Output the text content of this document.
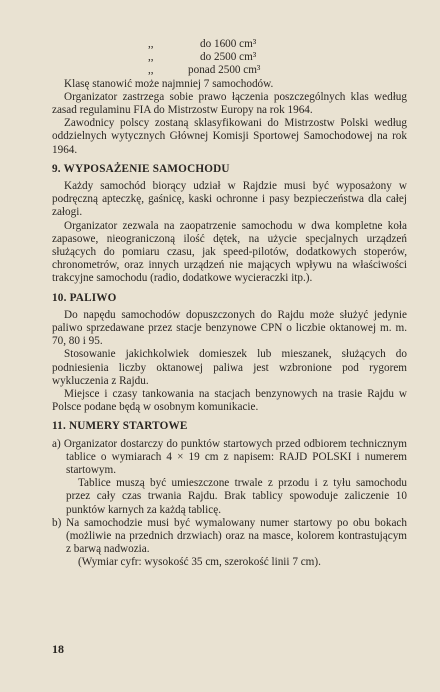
,,	do 1600 cm³
,,	do 2500 cm³
,,	ponad 2500 cm³

Klasę stanowić może najmniej 7 samochodów.

Organizator zastrzega sobie prawo łączenia poszczególnych klas według zasad regulaminu FIA do Mistrzostw Europy na rok 1964.

Zawodnicy polscy zostaną sklasyfikowani do Mistrzostw Polski według oddzielnych wytycznych Głównej Komisji Sportowej Samochodowej na rok 1964.

9. WYPOSAŻENIE SAMOCHODU

Każdy samochód biorący udział w Rajdzie musi być wyposażony w podręczną apteczkę, gaśnicę, kaski ochronne i pasy bezpieczeństwa dla całej załogi.

Organizator zezwala na zaopatrzenie samochodu w dwa kompletne koła zapasowe, nieograniczoną ilość dętek, na użycie specjalnych urządzeń służących do pomiaru czasu, jak speed-pilotów, dodatkowych stoperów, chronometrów, oraz innych urządzeń nie mających wpływu na właściwości trakcyjne samochodu (radio, dodatkowe wycieraczki itp.).

10. PALIWO

Do napędu samochodów dopuszczonych do Rajdu może służyć jedynie paliwo sprzedawane przez stacje benzynowe CPN o liczbie oktanowej m. m. 70, 80 i 95.

Stosowanie jakichkolwiek domieszek lub mieszanek, służących do podniesienia liczby oktanowej paliwa jest wzbronione pod rygorem wykluczenia z Rajdu.

Miejsce i czasy tankowania na stacjach benzynowych na trasie Rajdu w Polsce podane będą w osobnym komunikacie.

11. NUMERY STARTOWE

a) Organizator dostarczy do punktów startowych przed odbiorem technicznym tablice o wymiarach 4 × 19 cm z napisem: RAJD POLSKI i numerem startowym.

Tablice muszą być umieszczone trwale z przodu i z tyłu samochodu przez cały czas trwania Rajdu. Brak tablicy spowoduje zaliczenie 10 punktów karnych za każdą tablicę.

b) Na samochodzie musi być wymalowany numer startowy po obu bokach (możliwie na przednich drzwiach) oraz na masce, kolorem kontrastującym z barwą nadwozia.

(Wymiar cyfr: wysokość 35 cm, szerokość linii 7 cm).

18
